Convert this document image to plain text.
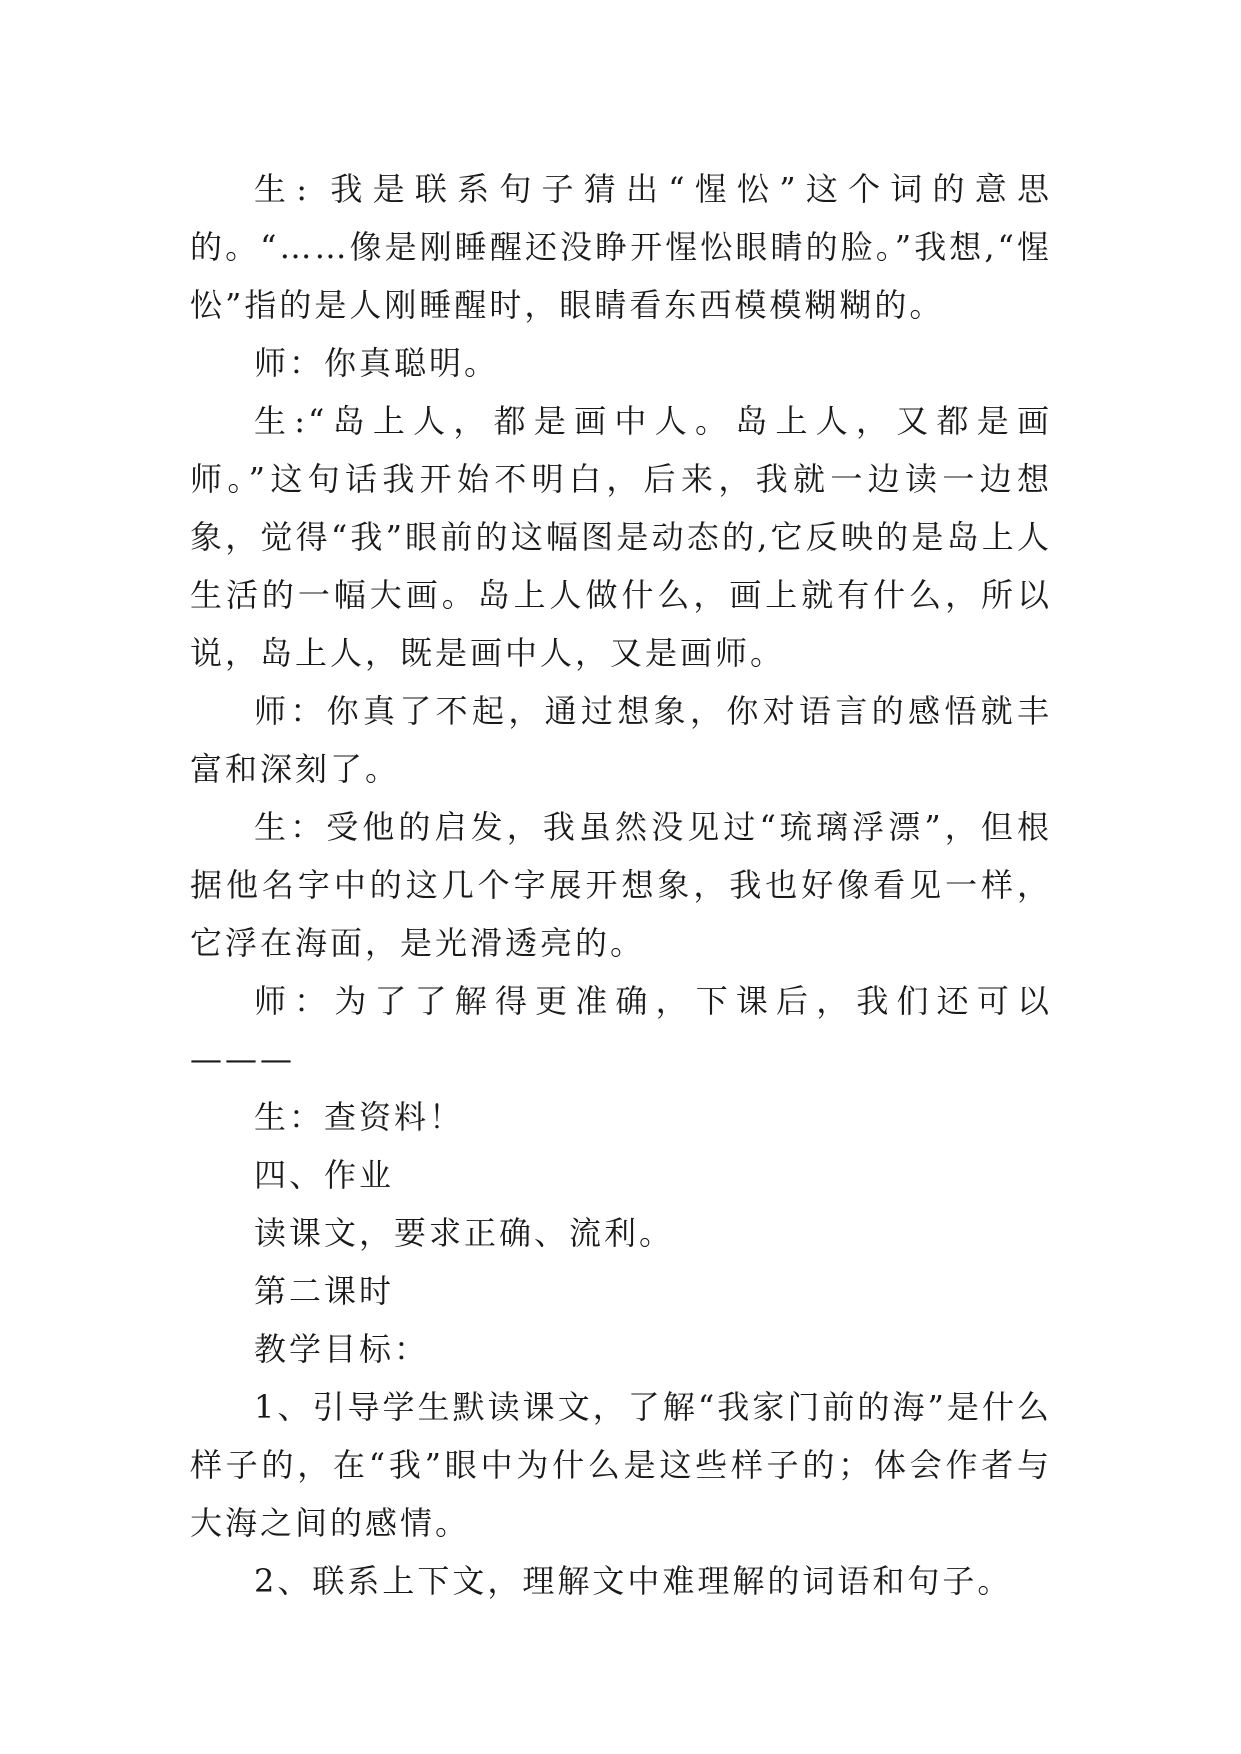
生: 我是联系句子猜出“惺忪”这个词的意思的。“……像是刚睡醒还没睁开惺忪眼睛的脸。”我想,“惺忪”指的是人刚睡醒时，眼睛看东西模模糊糊的。

师：你真聪明。

生:“岛上人，都是画中人。岛上人，又都是画师。”这句话我开始不明白，后来，我就一边读一边想象，觉得“我”眼前的这幅图是动态的,它反映的是岛上人生活的一幅大画。岛上人做什么，画上就有什么，所以说，岛上人，既是画中人，又是画师。

师：你真了不起，通过想象，你对语言的感悟就丰富和深刻了。

生：受他的启发，我虽然没见过“琉璃浮漂”，但根据他名字中的这几个字展开想象，我也好像看见一样，它浮在海面，是光滑透亮的。

师：为了了解得更准确，下课后，我们还可以———

生：查资料！

四、作业

读课文，要求正确、流利。

第二课时

教学目标：

1、引导学生默读课文，了解“我家门前的海”是什么样子的，在“我”眼中为什么是这些样子的；体会作者与大海之间的感情。

2、联系上下文，理解文中难理解的词语和句子。
